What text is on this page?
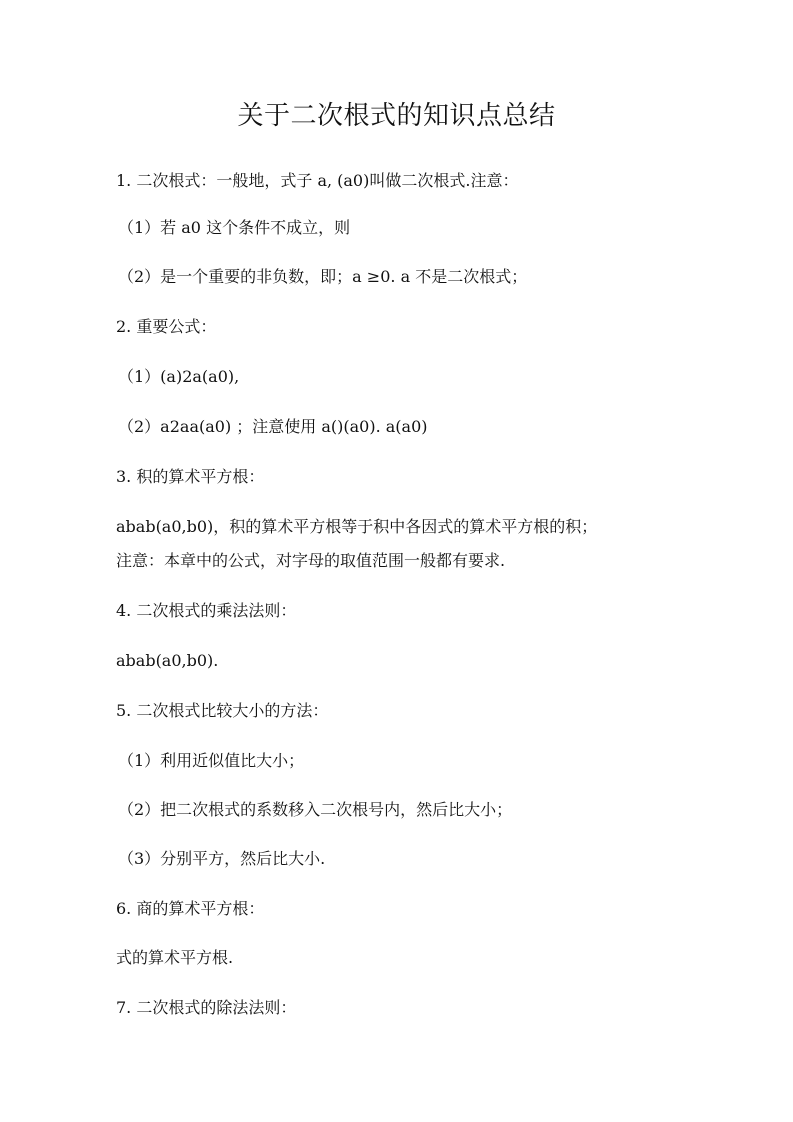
关于二次根式的知识点总结
1. 二次根式：一般地，式子 a, (a0)叫做二次根式.注意：
（1）若 a0 这个条件不成立，则
（2）是一个重要的非负数，即；a ≥0. a 不是二次根式；
2. 重要公式：
（1）(a)2a(a0),
（2）a2aa(a0) ；注意使用 a()(a0). a(a0)
3. 积的算术平方根：
abab(a0,b0)，积的算术平方根等于积中各因式的算术平方根的积；
注意：本章中的公式，对字母的取值范围一般都有要求.
4. 二次根式的乘法法则：
abab(a0,b0).
5. 二次根式比较大小的方法：
（1）利用近似值比大小；
（2）把二次根式的系数移入二次根号内，然后比大小；
（3）分别平方，然后比大小.
6. 商的算术平方根：
式的算术平方根.
7. 二次根式的除法法则：
